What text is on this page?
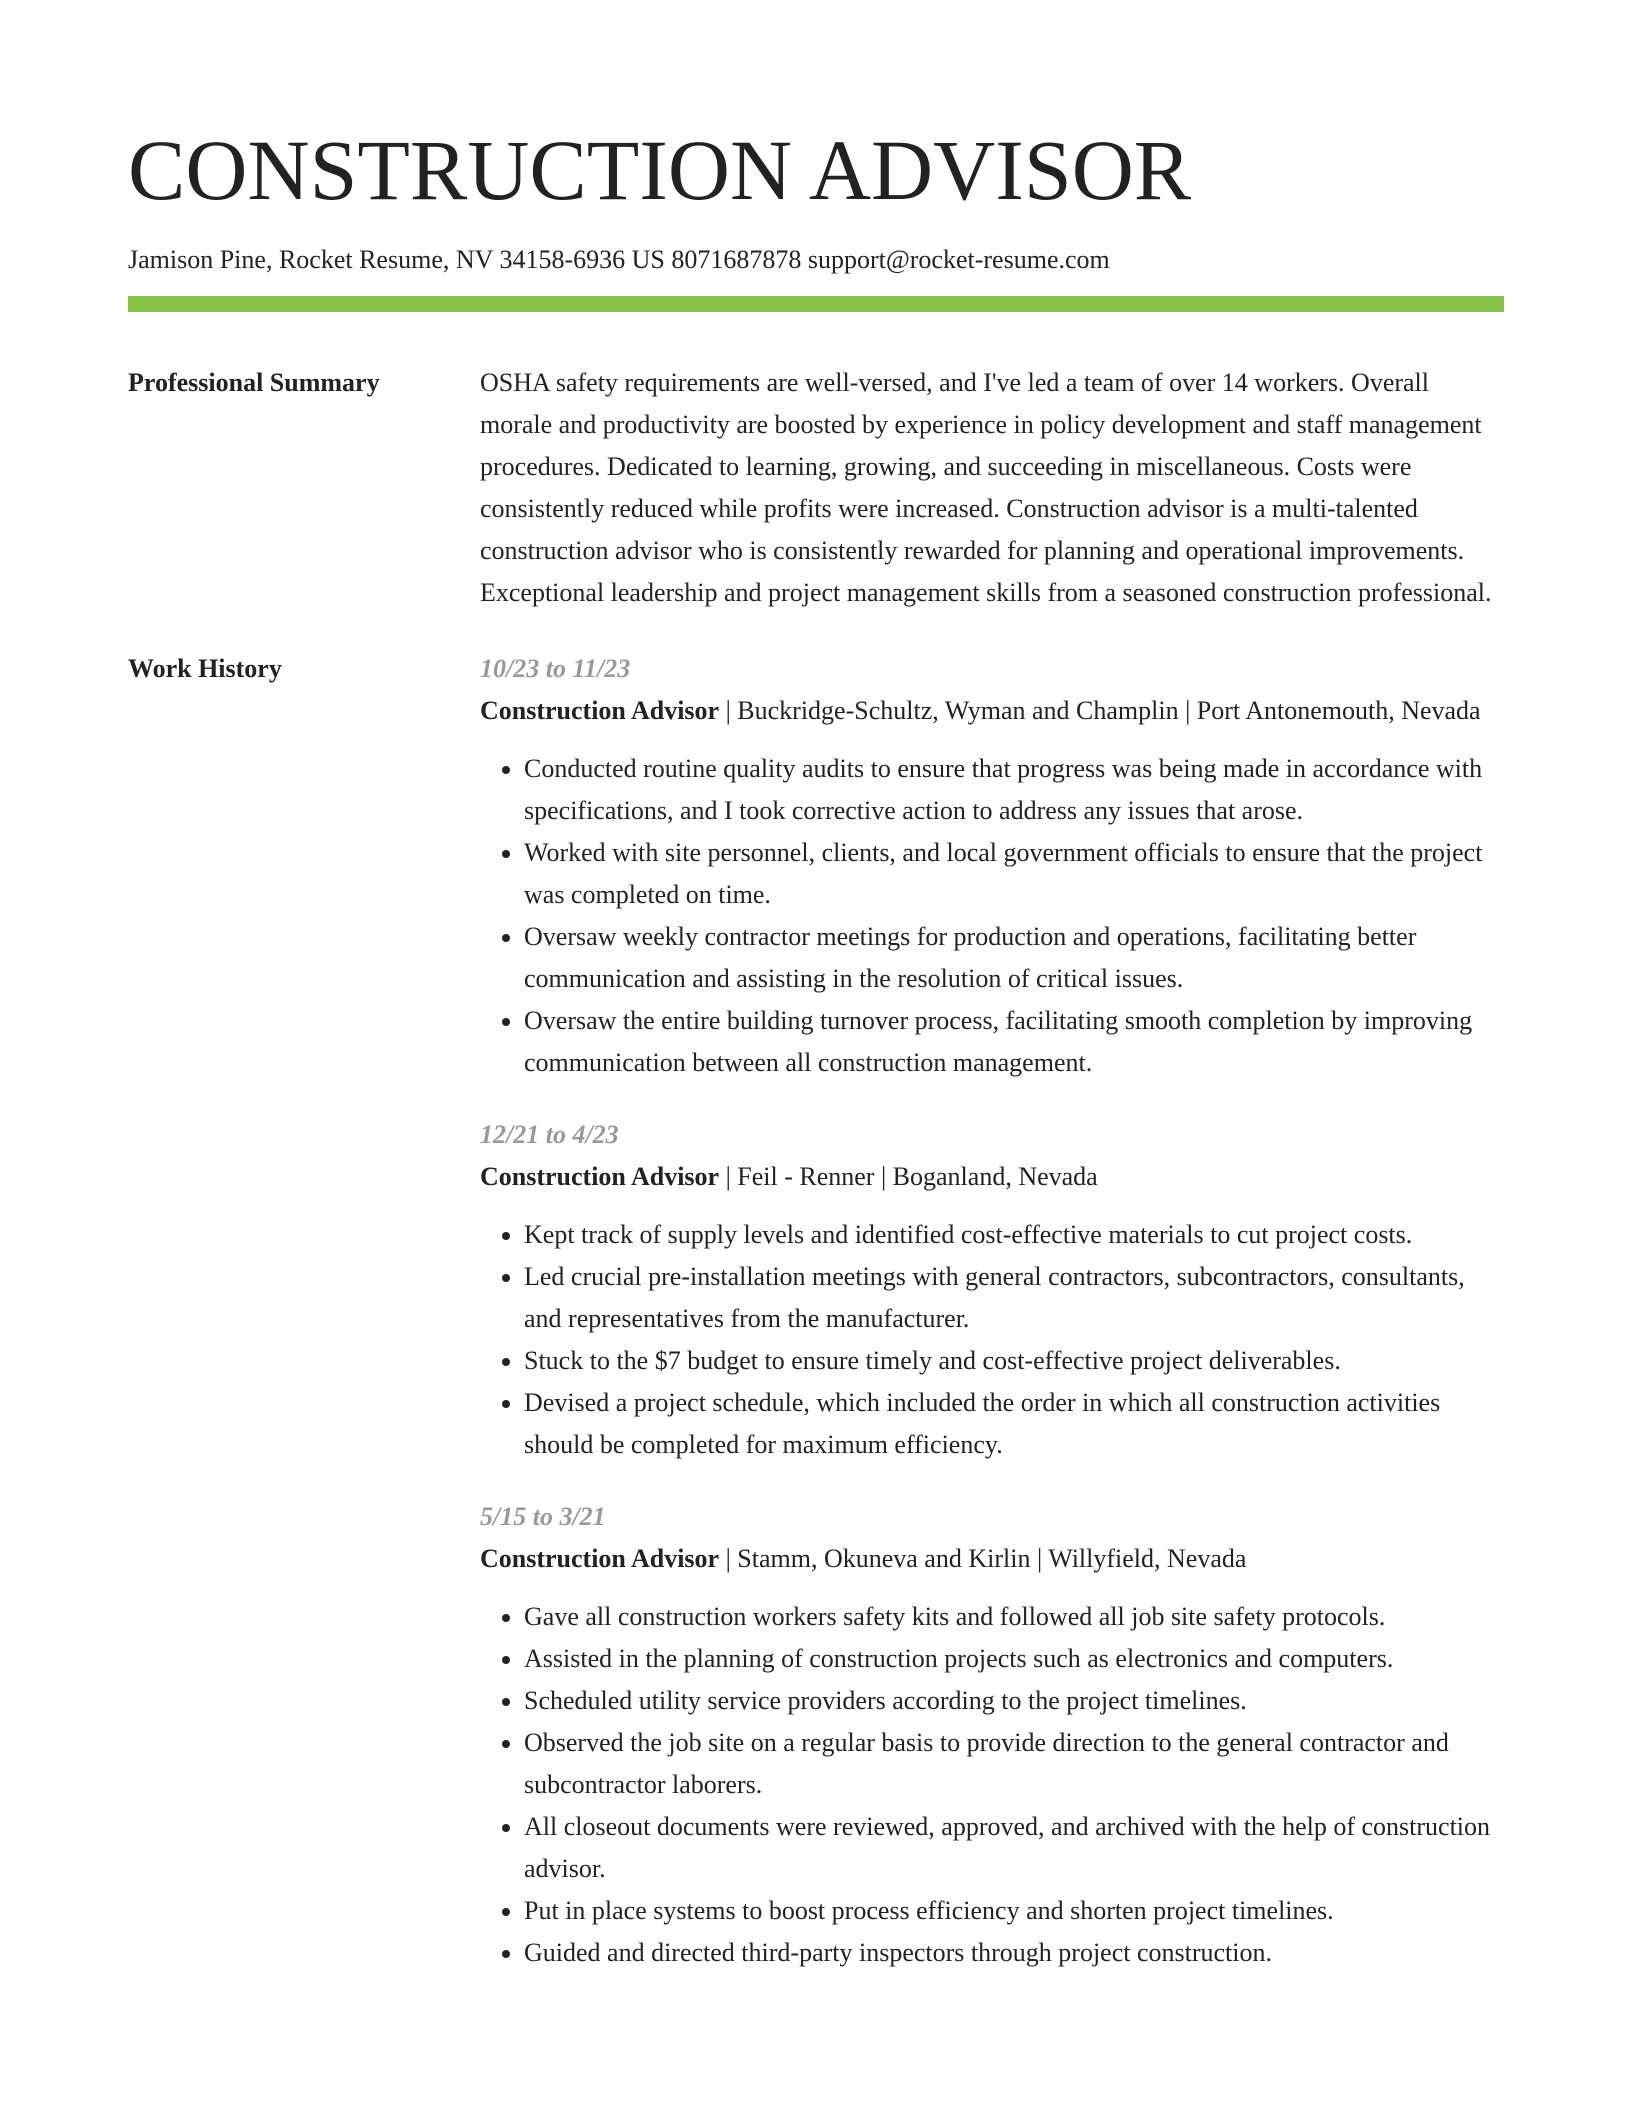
CONSTRUCTION ADVISOR
Jamison Pine, Rocket Resume, NV 34158-6936 US 8071687878 support@rocket-resume.com
Professional Summary	OSHA safety requirements are well-versed, and I've led a team of over 14 workers. Overall morale and productivity are boosted by experience in policy development and staff management procedures. Dedicated to learning, growing, and succeeding in miscellaneous. Costs were consistently reduced while profits were increased. Construction advisor is a multi-talented construction advisor who is consistently rewarded for planning and operational improvements. Exceptional leadership and project management skills from a seasoned construction professional.

Work History	10/23 to 11/23
Construction Advisor | Buckridge-Schultz, Wyman and Champlin | Port Antonemouth, Nevada
• Conducted routine quality audits to ensure that progress was being made in accordance with specifications, and I took corrective action to address any issues that arose.
• Worked with site personnel, clients, and local government officials to ensure that the project was completed on time.
• Oversaw weekly contractor meetings for production and operations, facilitating better communication and assisting in the resolution of critical issues.
• Oversaw the entire building turnover process, facilitating smooth completion by improving communication between all construction management.
12/21 to 4/23
Construction Advisor | Feil - Renner | Boganland, Nevada
• Kept track of supply levels and identified cost-effective materials to cut project costs.
• Led crucial pre-installation meetings with general contractors, subcontractors, consultants, and representatives from the manufacturer.
• Stuck to the $7 budget to ensure timely and cost-effective project deliverables.
• Devised a project schedule, which included the order in which all construction activities should be completed for maximum efficiency.
5/15 to 3/21
Construction Advisor | Stamm, Okuneva and Kirlin | Willyfield, Nevada
• Gave all construction workers safety kits and followed all job site safety protocols.
• Assisted in the planning of construction projects such as electronics and computers.
• Scheduled utility service providers according to the project timelines.
• Observed the job site on a regular basis to provide direction to the general contractor and subcontractor laborers.
• All closeout documents were reviewed, approved, and archived with the help of construction advisor.
• Put in place systems to boost process efficiency and shorten project timelines.
• Guided and directed third-party inspectors through project construction.
